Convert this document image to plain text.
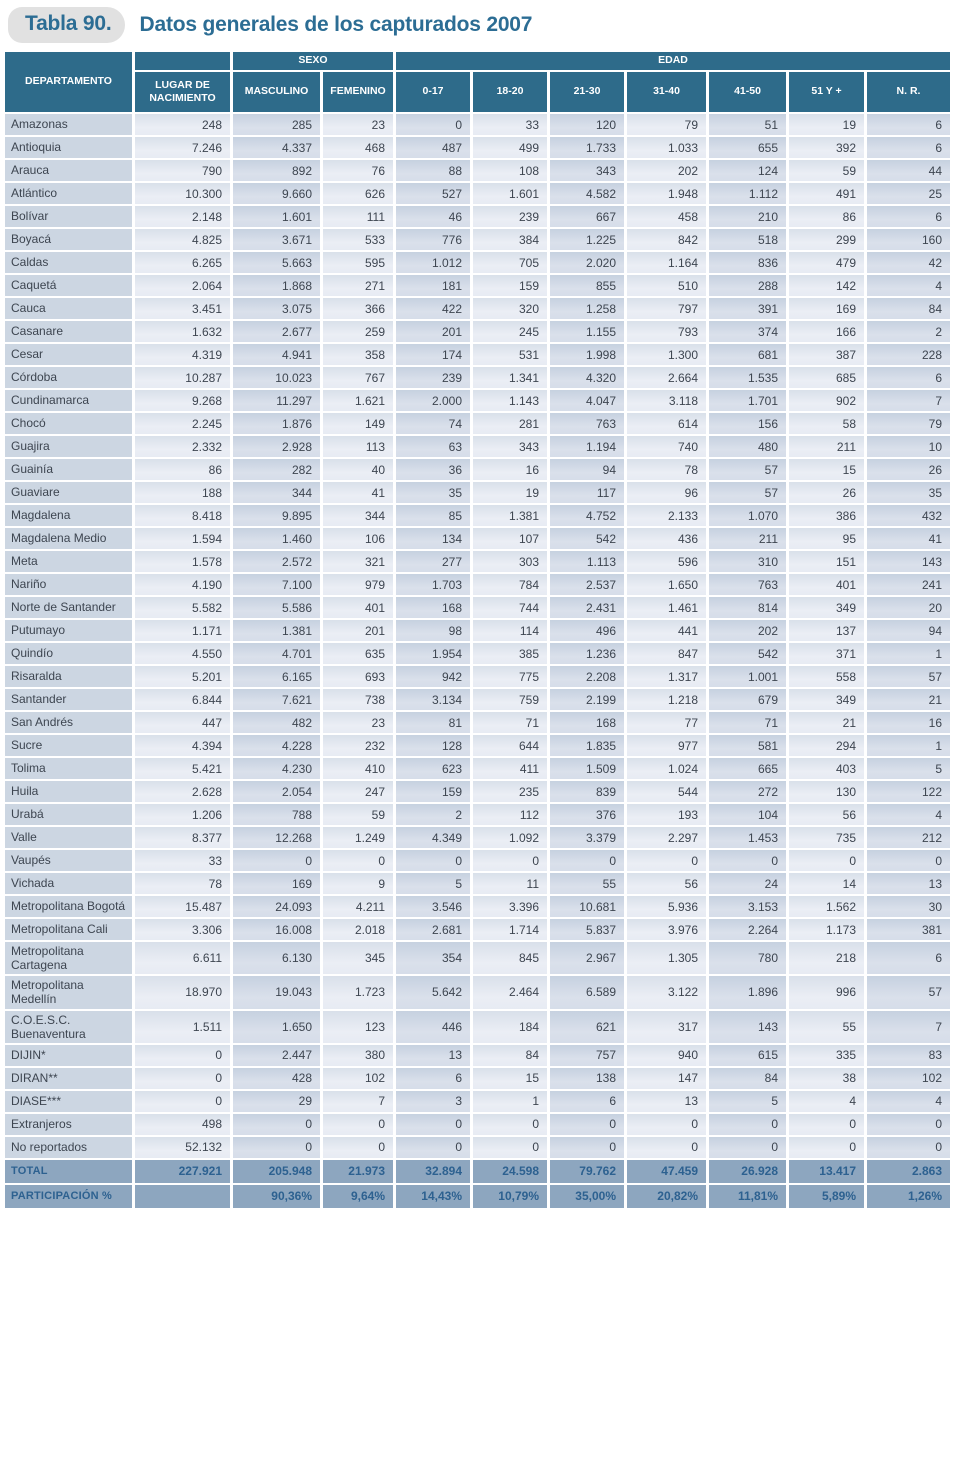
Tabla 90.	Datos generales de los capturados 2007
DEPARTAMENTO		SEXO		EDAD						
	LUGAR DE NACIMIENTO	MASCULINO	FEMENINO	0-17	18-20	21-30	31-40	41-50	51 Y +	N. R.
Amazonas	248	285	23	0	33	120	79	51	19	6
Antioquia	7.246	4.337	468	487	499	1.733	1.033	655	392	6
Arauca	790	892	76	88	108	343	202	124	59	44
Atlántico	10.300	9.660	626	527	1.601	4.582	1.948	1.112	491	25
Bolívar	2.148	1.601	111	46	239	667	458	210	86	6
Boyacá	4.825	3.671	533	776	384	1.225	842	518	299	160
Caldas	6.265	5.663	595	1.012	705	2.020	1.164	836	479	42
Caquetá	2.064	1.868	271	181	159	855	510	288	142	4
Cauca	3.451	3.075	366	422	320	1.258	797	391	169	84
Casanare	1.632	2.677	259	201	245	1.155	793	374	166	2
Cesar	4.319	4.941	358	174	531	1.998	1.300	681	387	228
Córdoba	10.287	10.023	767	239	1.341	4.320	2.664	1.535	685	6
Cundinamarca	9.268	11.297	1.621	2.000	1.143	4.047	3.118	1.701	902	7
Chocó	2.245	1.876	149	74	281	763	614	156	58	79
Guajira	2.332	2.928	113	63	343	1.194	740	480	211	10
Guainía	86	282	40	36	16	94	78	57	15	26
Guaviare	188	344	41	35	19	117	96	57	26	35
Magdalena	8.418	9.895	344	85	1.381	4.752	2.133	1.070	386	432
Magdalena Medio	1.594	1.460	106	134	107	542	436	211	95	41
Meta	1.578	2.572	321	277	303	1.113	596	310	151	143
Nariño	4.190	7.100	979	1.703	784	2.537	1.650	763	401	241
Norte de Santander	5.582	5.586	401	168	744	2.431	1.461	814	349	20
Putumayo	1.171	1.381	201	98	114	496	441	202	137	94
Quindío	4.550	4.701	635	1.954	385	1.236	847	542	371	1
Risaralda	5.201	6.165	693	942	775	2.208	1.317	1.001	558	57
Santander	6.844	7.621	738	3.134	759	2.199	1.218	679	349	21
San Andrés	447	482	23	81	71	168	77	71	21	16
Sucre	4.394	4.228	232	128	644	1.835	977	581	294	1
Tolima	5.421	4.230	410	623	411	1.509	1.024	665	403	5
Huila	2.628	2.054	247	159	235	839	544	272	130	122
Urabá	1.206	788	59	2	112	376	193	104	56	4
Valle	8.377	12.268	1.249	4.349	1.092	3.379	2.297	1.453	735	212
Vaupés	33	0	0	0	0	0	0	0	0	0
Vichada	78	169	9	5	11	55	56	24	14	13
Metropolitana Bogotá	15.487	24.093	4.211	3.546	3.396	10.681	5.936	3.153	1.562	30
Metropolitana Cali	3.306	16.008	2.018	2.681	1.714	5.837	3.976	2.264	1.173	381
Metropolitana Cartagena	6.611	6.130	345	354	845	2.967	1.305	780	218	6
Metropolitana Medellín	18.970	19.043	1.723	5.642	2.464	6.589	3.122	1.896	996	57
C.O.E.S.C. Buenaventura	1.511	1.650	123	446	184	621	317	143	55	7
DIJIN*	0	2.447	380	13	84	757	940	615	335	83
DIRAN**	0	428	102	6	15	138	147	84	38	102
DIASE***	0	29	7	3	1	6	13	5	4	4
Extranjeros	498	0	0	0	0	0	0	0	0	0
No reportados	52.132	0	0	0	0	0	0	0	0	0
TOTAL	227.921	205.948	21.973	32.894	24.598	79.762	47.459	26.928	13.417	2.863
PARTICIPACIÓN %		90,36%	9,64%	14,43%	10,79%	35,00%	20,82%	11,81%	5,89%	1,26%
